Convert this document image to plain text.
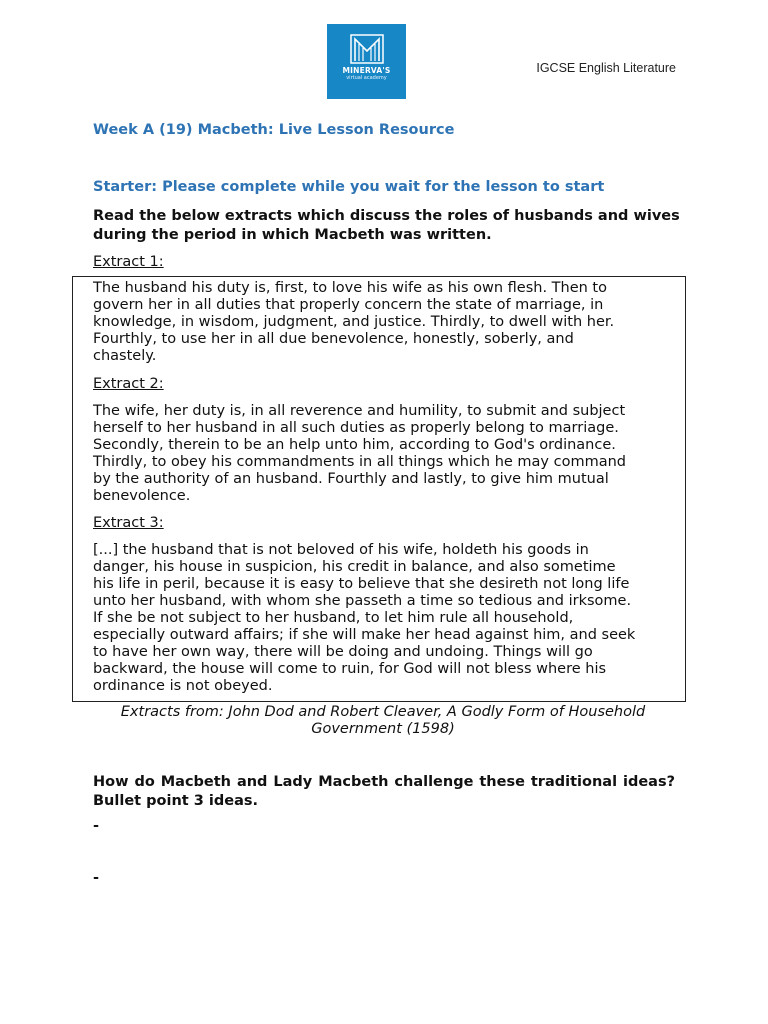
MINERVA'S
virtual academy
IGCSE English Literature
Week A (19) Macbeth: Live Lesson Resource
Starter: Please complete while you wait for the lesson to start
Read the below extracts which discuss the roles of husbands and wives during the period in which Macbeth was written.
Extract 1:
The husband his duty is, first, to love his wife as his own flesh. Then to
govern her in all duties that properly concern the state of marriage, in
knowledge, in wisdom, judgment, and justice. Thirdly, to dwell with her.
Fourthly, to use her in all due benevolence, honestly, soberly, and
chastely.
Extract 2:
The wife, her duty is, in all reverence and humility, to submit and subject
herself to her husband in all such duties as properly belong to marriage.
Secondly, therein to be an help unto him, according to God's ordinance.
Thirdly, to obey his commandments in all things which he may command
by the authority of an husband. Fourthly and lastly, to give him mutual
benevolence.
Extract 3:
[...] the husband that is not beloved of his wife, holdeth his goods in
danger, his house in suspicion, his credit in balance, and also sometime
his life in peril, because it is easy to believe that she desireth not long life
unto her husband, with whom she passeth a time so tedious and irksome.
If she be not subject to her husband, to let him rule all household,
especially outward affairs; if she will make her head against him, and seek
to have her own way, there will be doing and undoing. Things will go
backward, the house will come to ruin, for God will not bless where his
ordinance is not obeyed.
Extracts from: John Dod and Robert Cleaver, A Godly Form of Household
Government (1598)
How do Macbeth and Lady Macbeth challenge these traditional ideas? Bullet point 3 ideas.
-
-
